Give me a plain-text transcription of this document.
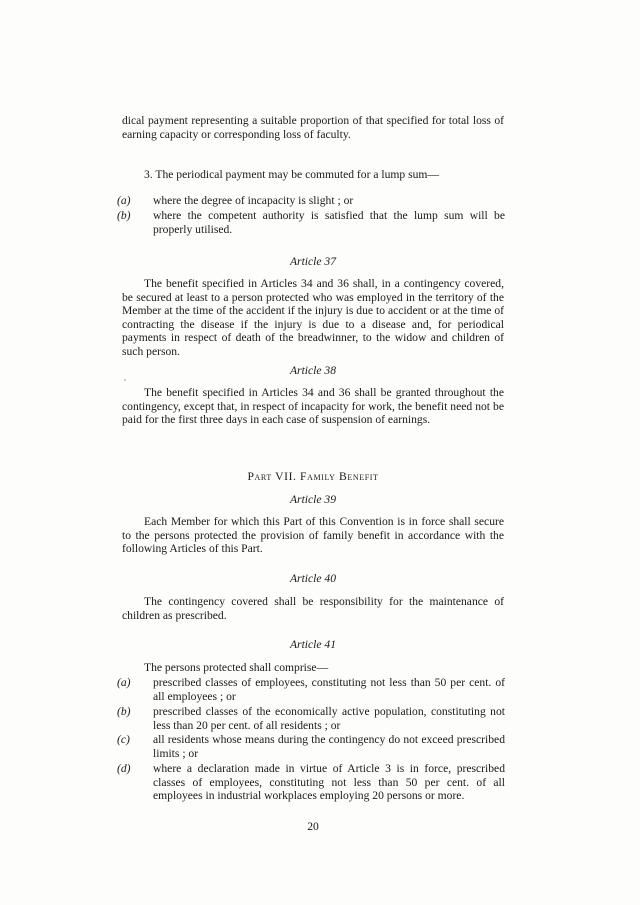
dical payment representing a suitable proportion of that specified for total loss of earning capacity or corresponding loss of faculty.

3. The periodical payment may be commuted for a lump sum—

(a)	where the degree of incapacity is slight ; or
(b)	where the competent authority is satisfied that the lump sum will be properly utilised.
Article 37

The benefit specified in Articles 34 and 36 shall, in a contingency covered, be secured at least to a person protected who was employed in the territory of the Member at the time of the accident if the injury is due to accident or at the time of contracting the disease if the injury is due to a disease and, for periodical payments in respect of death of the breadwinner, to the widow and children of such person.

Article 38

The benefit specified in Articles 34 and 36 shall be granted throughout the contingency, except that, in respect of incapacity for work, the benefit need not be paid for the first three days in each case of suspension of earnings.

Part VII. Family Benefit
Article 39

Each Member for which this Part of this Convention is in force shall secure to the persons protected the provision of family benefit in accordance with the following Articles of this Part.

Article 40

The contingency covered shall be responsibility for the maintenance of children as prescribed.

Article 41

The persons protected shall comprise—

(a)	prescribed classes of employees, constituting not less than 50 per cent. of all employees ; or
(b)	prescribed classes of the economically active population, constituting not less than 20 per cent. of all residents ; or
(c)	all residents whose means during the contingency do not exceed prescribed limits ; or
(d)	where a declaration made in virtue of Article 3 is in force, prescribed classes of employees, constituting not less than 50 per cent. of all employees in industrial workplaces employing 20 persons or more.
20
